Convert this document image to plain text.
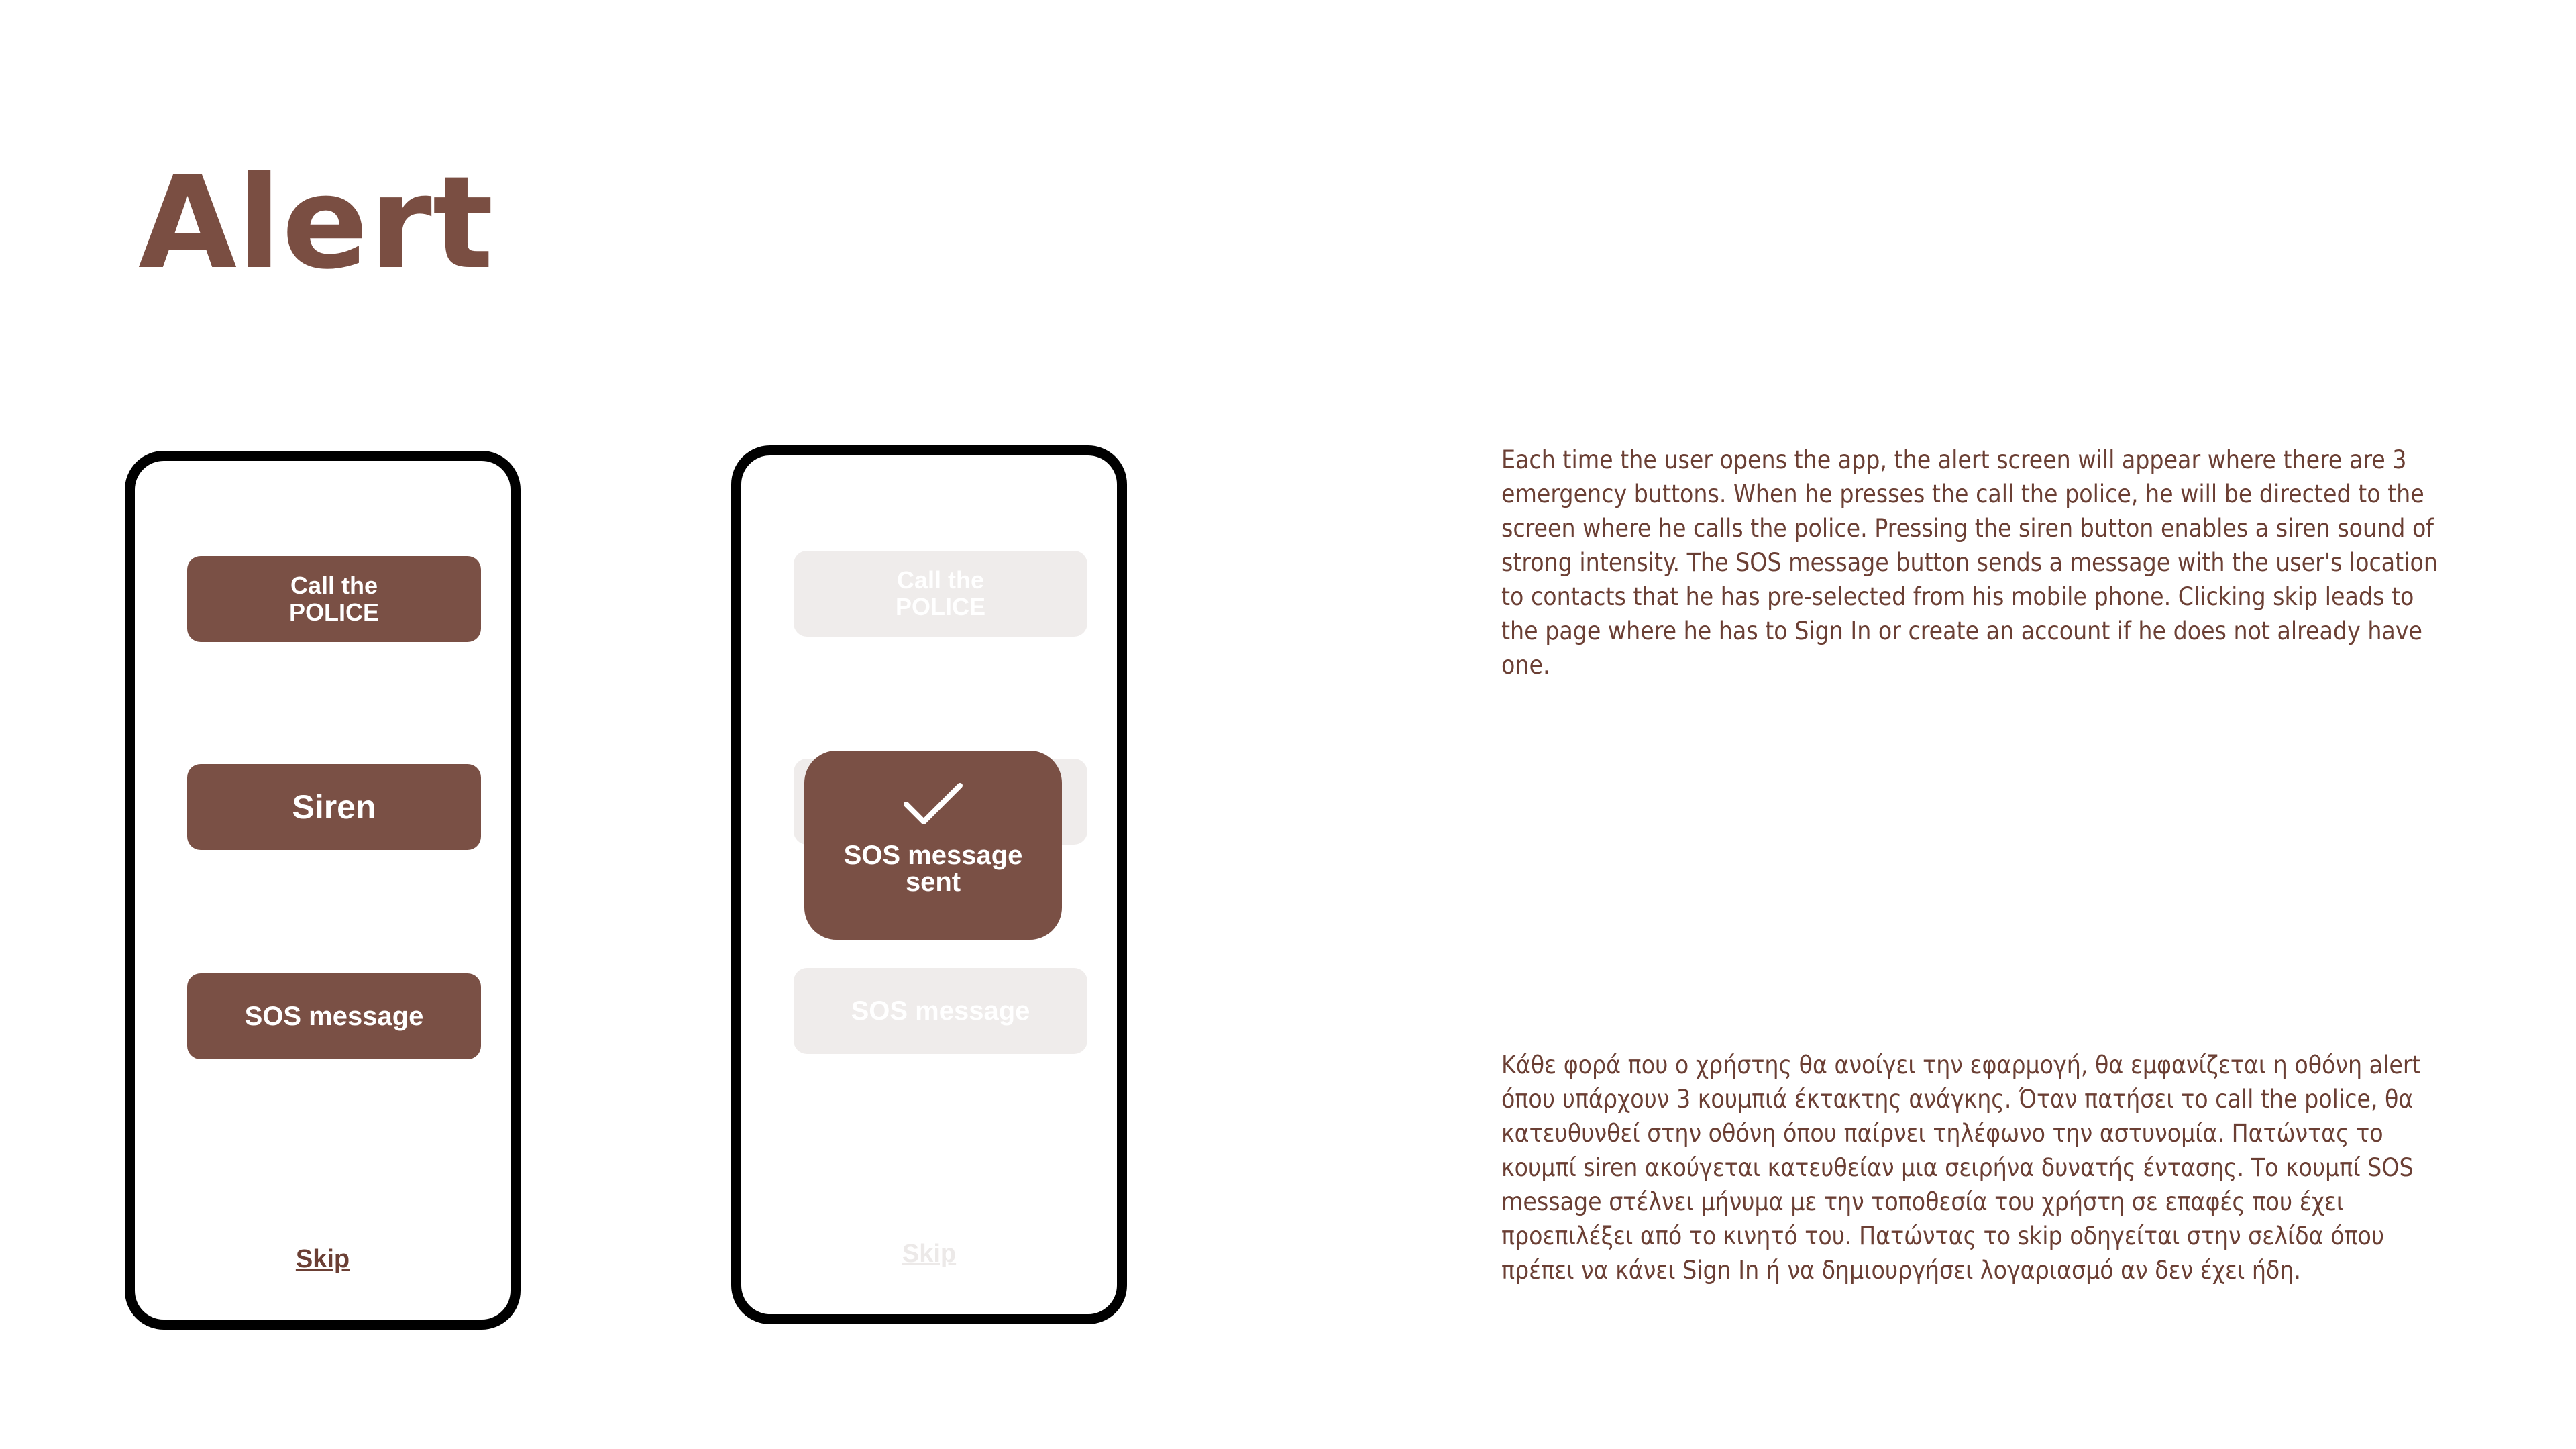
Alert
Call the
POLICE
Siren
SOS message
Skip
Call the
POLICE
SOS message
Skip
SOS message
sent
Each time the user opens the app, the alert screen will appear where there are 3 emergency buttons. When he presses the call the police, he will be directed to the screen where he calls the police. Pressing the siren button enables a siren sound of strong intensity. The SOS message button sends a message with the user's location to contacts that he has pre-selected from his mobile phone. Clicking skip leads to the page where he has to Sign In or create an account if he does not already have one.
Κάθε φορά που ο χρήστης θα ανοίγει την εφαρμογή, θα εμφανίζεται η οθόνη alert όπου υπάρχουν 3 κουμπιά έκτακτης ανάγκης. Όταν πατήσει το call the police, θα κατευθυνθεί στην οθόνη όπου παίρνει τηλέφωνο την αστυνομία. Πατώντας το κουμπί siren ακούγεται κατευθείαν μια σειρήνα δυνατής έντασης. Το κουμπί SOS message στέλνει μήνυμα με την τοποθεσία του χρήστη σε επαφές που έχει προεπιλέξει από το κινητό του. Πατώντας το skip οδηγείται στην σελίδα όπου πρέπει να κάνει Sign In ή να δημιουργήσει λογαριασμό αν δεν έχει ήδη.
